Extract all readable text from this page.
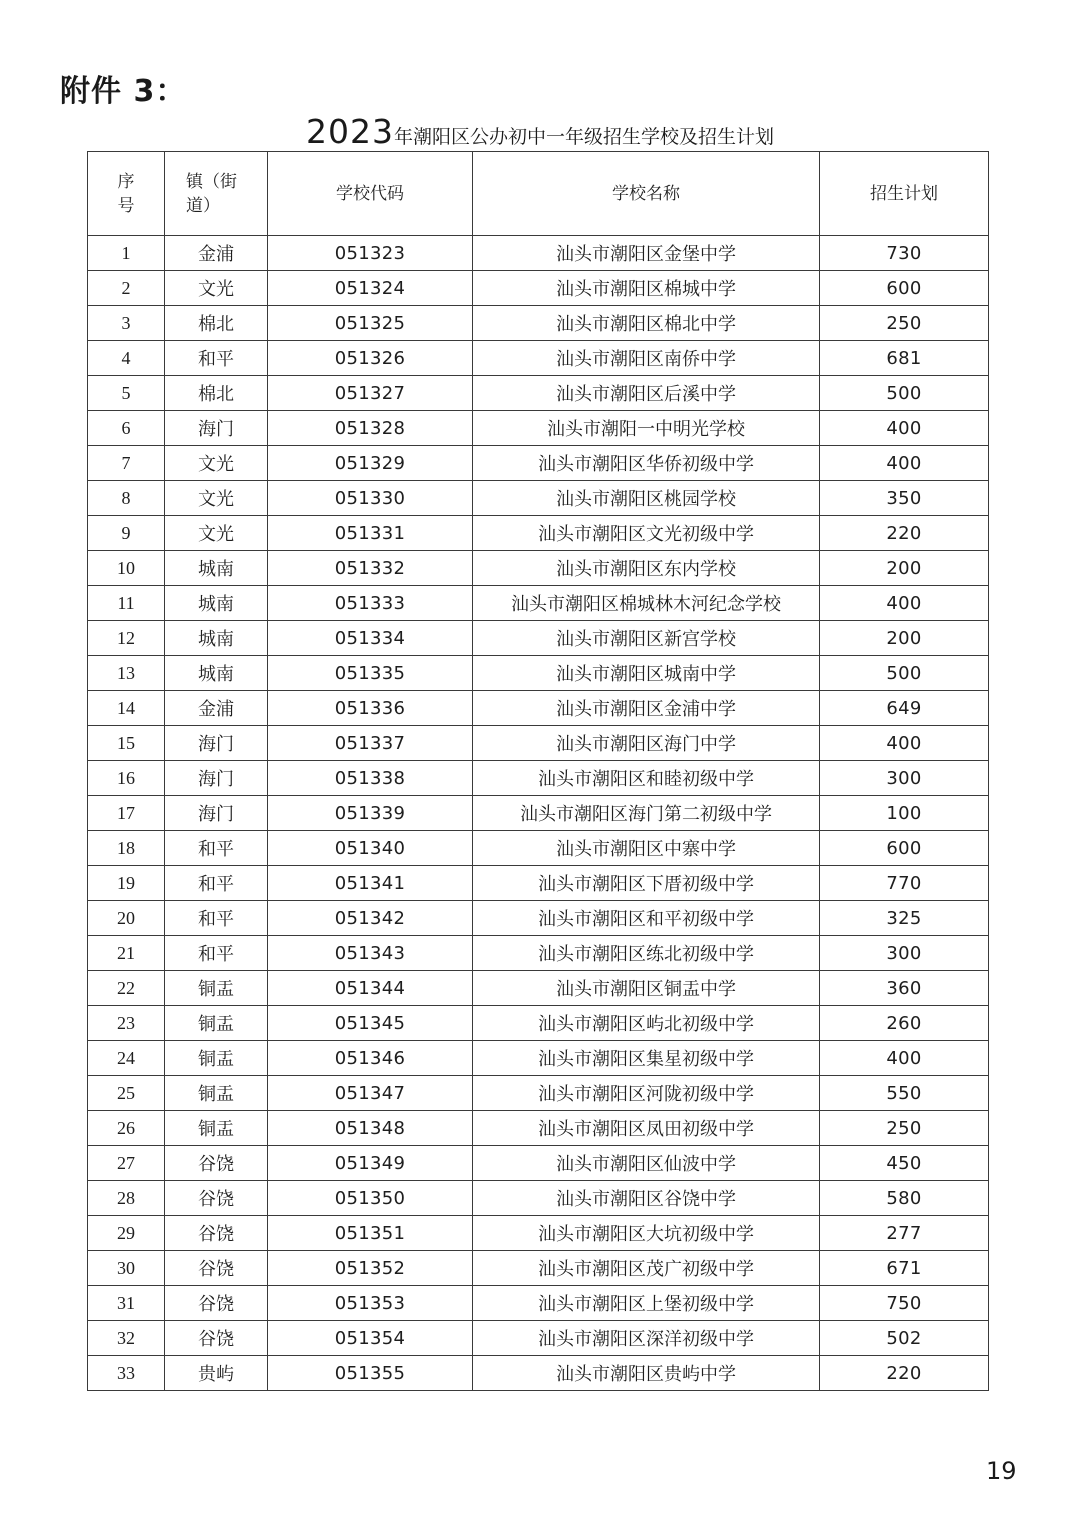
附件 3：
2023年潮阳区公办初中一年级招生学校及招生计划
序号	镇（街道）	学校代码	学校名称	招生计划
1	金浦	051323	汕头市潮阳区金堡中学	730
2	文光	051324	汕头市潮阳区棉城中学	600
3	棉北	051325	汕头市潮阳区棉北中学	250
4	和平	051326	汕头市潮阳区南侨中学	681
5	棉北	051327	汕头市潮阳区后溪中学	500
6	海门	051328	汕头市潮阳一中明光学校	400
7	文光	051329	汕头市潮阳区华侨初级中学	400
8	文光	051330	汕头市潮阳区桃园学校	350
9	文光	051331	汕头市潮阳区文光初级中学	220
10	城南	051332	汕头市潮阳区东内学校	200
11	城南	051333	汕头市潮阳区棉城林木河纪念学校	400
12	城南	051334	汕头市潮阳区新宫学校	200
13	城南	051335	汕头市潮阳区城南中学	500
14	金浦	051336	汕头市潮阳区金浦中学	649
15	海门	051337	汕头市潮阳区海门中学	400
16	海门	051338	汕头市潮阳区和睦初级中学	300
17	海门	051339	汕头市潮阳区海门第二初级中学	100
18	和平	051340	汕头市潮阳区中寨中学	600
19	和平	051341	汕头市潮阳区下厝初级中学	770
20	和平	051342	汕头市潮阳区和平初级中学	325
21	和平	051343	汕头市潮阳区练北初级中学	300
22	铜盂	051344	汕头市潮阳区铜盂中学	360
23	铜盂	051345	汕头市潮阳区屿北初级中学	260
24	铜盂	051346	汕头市潮阳区集星初级中学	400
25	铜盂	051347	汕头市潮阳区河陇初级中学	550
26	铜盂	051348	汕头市潮阳区凤田初级中学	250
27	谷饶	051349	汕头市潮阳区仙波中学	450
28	谷饶	051350	汕头市潮阳区谷饶中学	580
29	谷饶	051351	汕头市潮阳区大坑初级中学	277
30	谷饶	051352	汕头市潮阳区茂广初级中学	671
31	谷饶	051353	汕头市潮阳区上堡初级中学	750
32	谷饶	051354	汕头市潮阳区深洋初级中学	502
33	贵屿	051355	汕头市潮阳区贵屿中学	220
19
